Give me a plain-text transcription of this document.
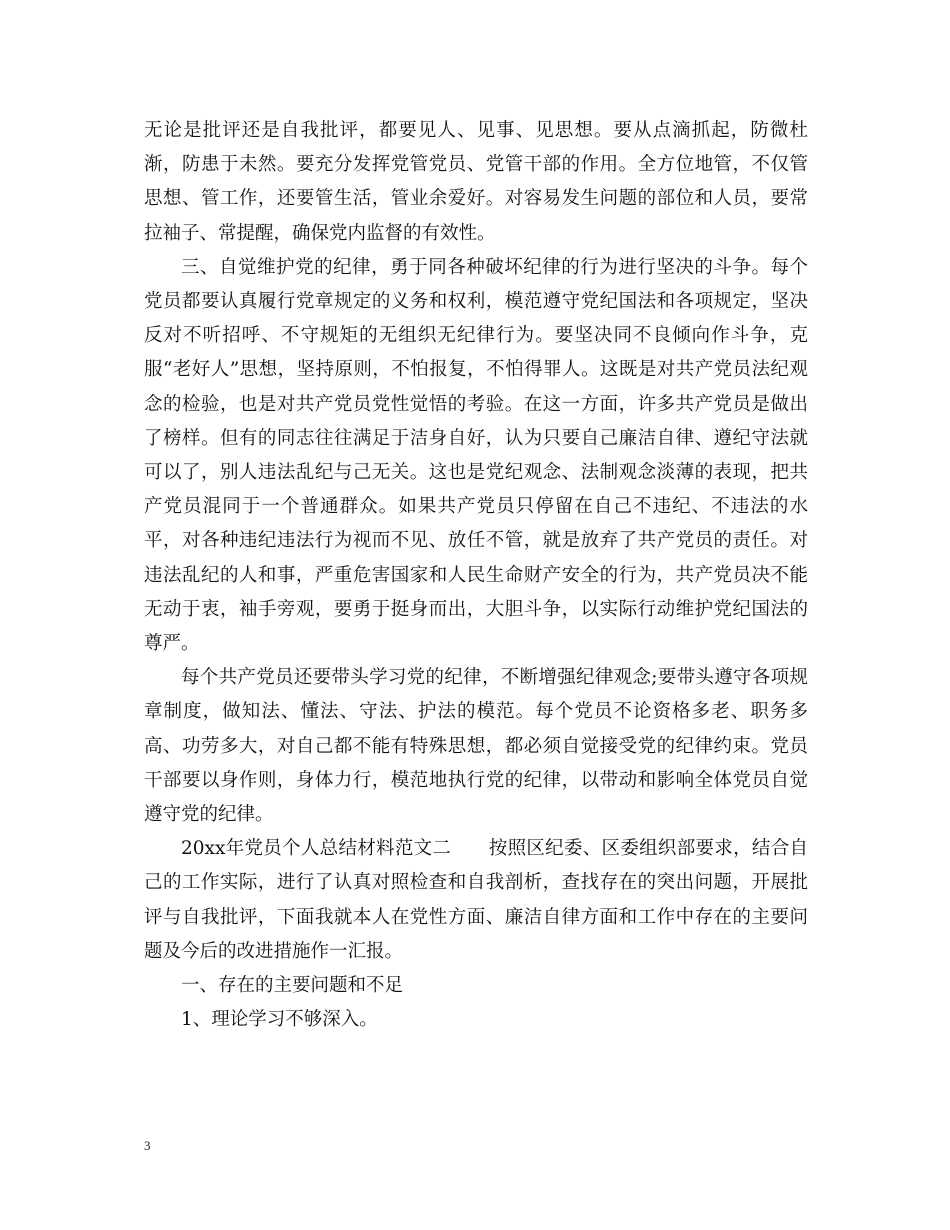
无论是批评还是自我批评，都要见人、见事、见思想。要从点滴抓起，防微杜渐，防患于未然。要充分发挥党管党员、党管干部的作用。全方位地管，不仅管思想、管工作，还要管生活，管业余爱好。对容易发生问题的部位和人员，要常拉袖子、常提醒，确保党内监督的有效性。

三、自觉维护党的纪律，勇于同各种破坏纪律的行为进行坚决的斗争。每个党员都要认真履行党章规定的义务和权利，模范遵守党纪国法和各项规定，坚决反对不听招呼、不守规矩的无组织无纪律行为。要坚决同不良倾向作斗争，克服“老好人”思想，坚持原则，不怕报复，不怕得罪人。这既是对共产党员法纪观念的检验，也是对共产党员党性觉悟的考验。在这一方面，许多共产党员是做出了榜样。但有的同志往往满足于洁身自好，认为只要自己廉洁自律、遵纪守法就可以了，别人违法乱纪与己无关。这也是党纪观念、法制观念淡薄的表现，把共产党员混同于一个普通群众。如果共产党员只停留在自己不违纪、不违法的水平，对各种违纪违法行为视而不见、放任不管，就是放弃了共产党员的责任。对违法乱纪的人和事，严重危害国家和人民生命财产安全的行为，共产党员决不能无动于衷，袖手旁观，要勇于挺身而出，大胆斗争，以实际行动维护党纪国法的尊严。

每个共产党员还要带头学习党的纪律，不断增强纪律观念;要带头遵守各项规章制度，做知法、懂法、守法、护法的模范。每个党员不论资格多老、职务多高、功劳多大，对自己都不能有特殊思想，都必须自觉接受党的纪律约束。党员干部要以身作则，身体力行，模范地执行党的纪律，以带动和影响全体党员自觉遵守党的纪律。

20xx年党员个人总结材料范文二　　按照区纪委、区委组织部要求，结合自己的工作实际，进行了认真对照检查和自我剖析，查找存在的突出问题，开展批评与自我批评，下面我就本人在党性方面、廉洁自律方面和工作中存在的主要问题及今后的改进措施作一汇报。

一、存在的主要问题和不足

1、理论学习不够深入。

3
